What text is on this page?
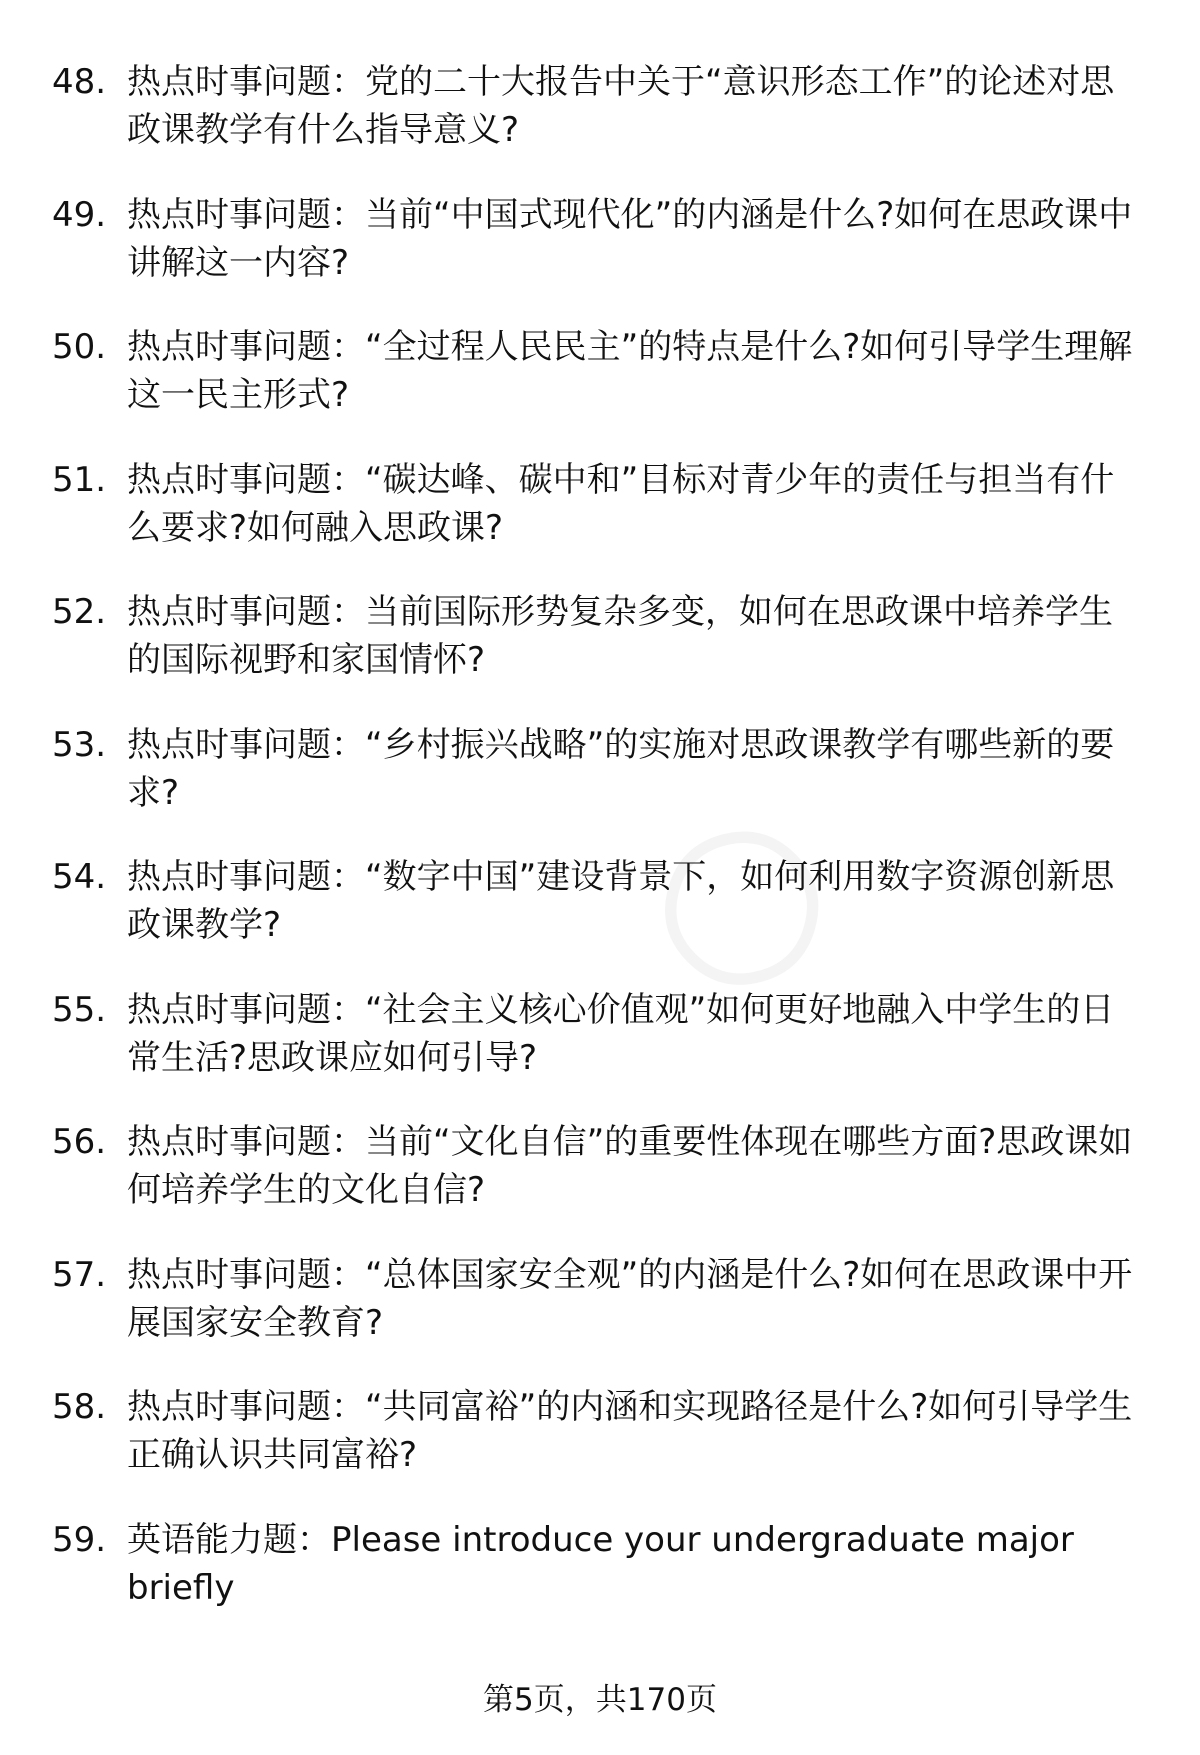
48. 热点时事问题：党的二十大报告中关于“意识形态工作”的论述对思政课教学有什么指导意义?
49. 热点时事问题：当前“中国式现代化”的内涵是什么?如何在思政课中讲解这一内容?
50. 热点时事问题：“全过程人民民主”的特点是什么?如何引导学生理解这一民主形式?
51. 热点时事问题：“碳达峰、碳中和”目标对青少年的责任与担当有什么要求?如何融入思政课?
52. 热点时事问题：当前国际形势复杂多变，如何在思政课中培养学生的国际视野和家国情怀?
53. 热点时事问题：“乡村振兴战略”的实施对思政课教学有哪些新的要求?
54. 热点时事问题：“数字中国”建设背景下，如何利用数字资源创新思政课教学?
55. 热点时事问题：“社会主义核心价值观”如何更好地融入中学生的日常生活?思政课应如何引导?
56. 热点时事问题：当前“文化自信”的重要性体现在哪些方面?思政课如何培养学生的文化自信?
57. 热点时事问题：“总体国家安全观”的内涵是什么?如何在思政课中开展国家安全教育?
58. 热点时事问题：“共同富裕”的内涵和实现路径是什么?如何引导学生正确认识共同富裕?
59. 英语能力题：Please introduce your undergraduate major briefly
第5页，共170页
